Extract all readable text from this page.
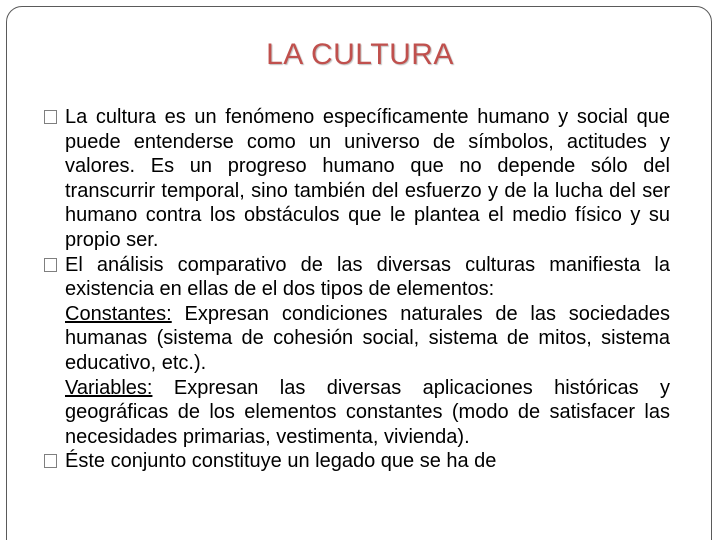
LA CULTURA
La cultura es un fenómeno específicamente humano y social que puede entenderse como un universo de símbolos, actitudes y valores. Es un progreso humano que no depende sólo del transcurrir temporal, sino también del esfuerzo y de la lucha del ser humano contra los obstáculos que le plantea el medio físico y su propio ser.
El análisis comparativo de las diversas culturas manifiesta la existencia en ellas de el dos tipos de elementos:
Constantes: Expresan condiciones naturales de las sociedades humanas (sistema de cohesión social, sistema de mitos, sistema educativo, etc.).
Variables: Expresan las diversas aplicaciones históricas y geográficas de los elementos constantes (modo de satisfacer las necesidades primarias, vestimenta, vivienda).
Éste conjunto constituye un legado que se ha de
